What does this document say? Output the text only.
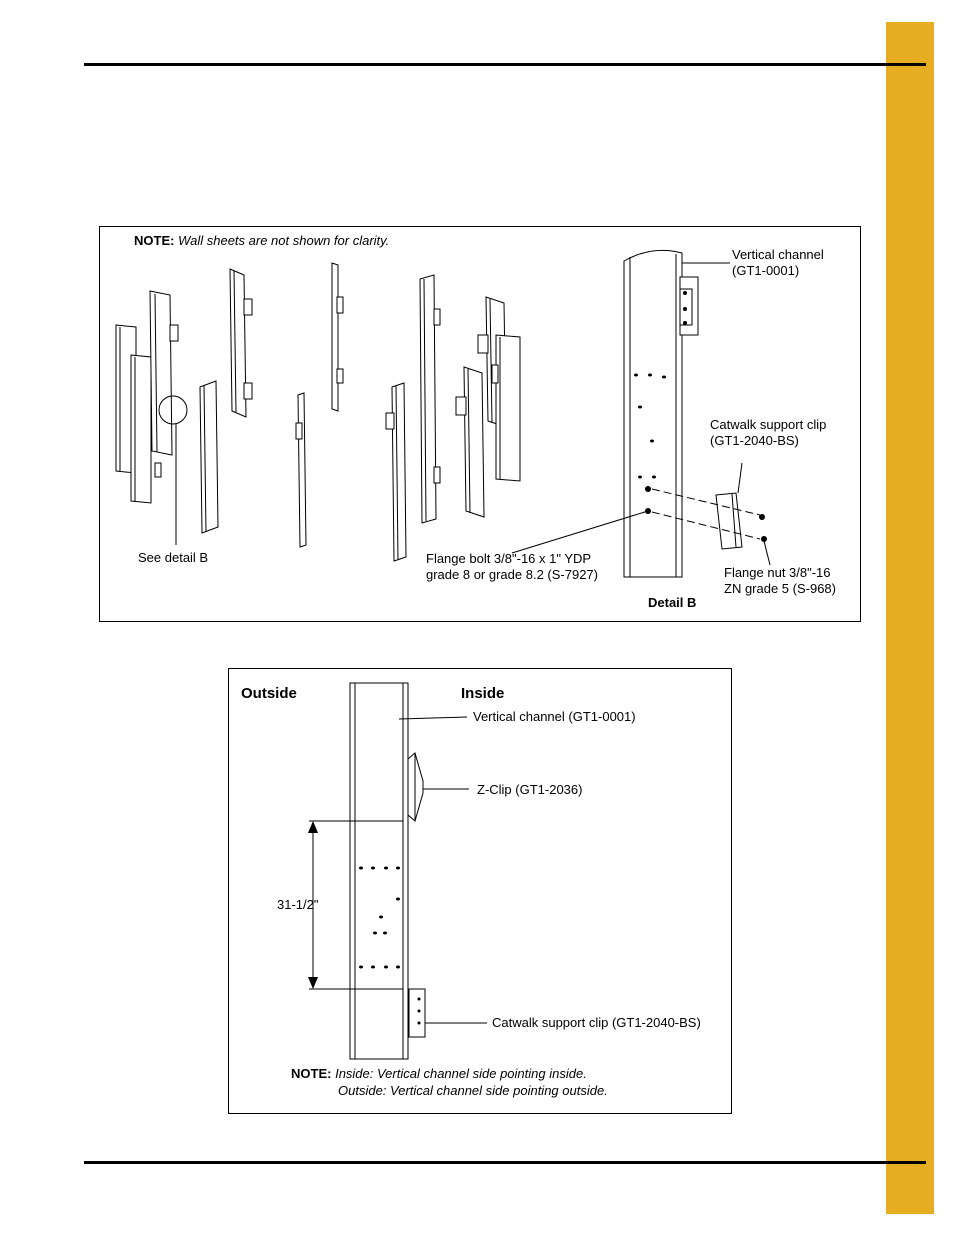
NOTE: Wall sheets are not shown for clarity.
See detail B
Vertical channel
(GT1-0001)
Catwalk support clip
(GT1-2040-BS)
Flange bolt 3/8"-16 x 1" YDP
grade 8 or grade 8.2 (S-7927)	Flange nut 3/8"-16
ZN grade 5 (S-968)
Detail B
Outside	Inside
Vertical channel (GT1-0001)
Z-Clip (GT1-2036)
31-1/2"
Catwalk support clip (GT1-2040-BS)
NOTE: Inside: Vertical channel side pointing inside.
Outside: Vertical channel side pointing outside.
